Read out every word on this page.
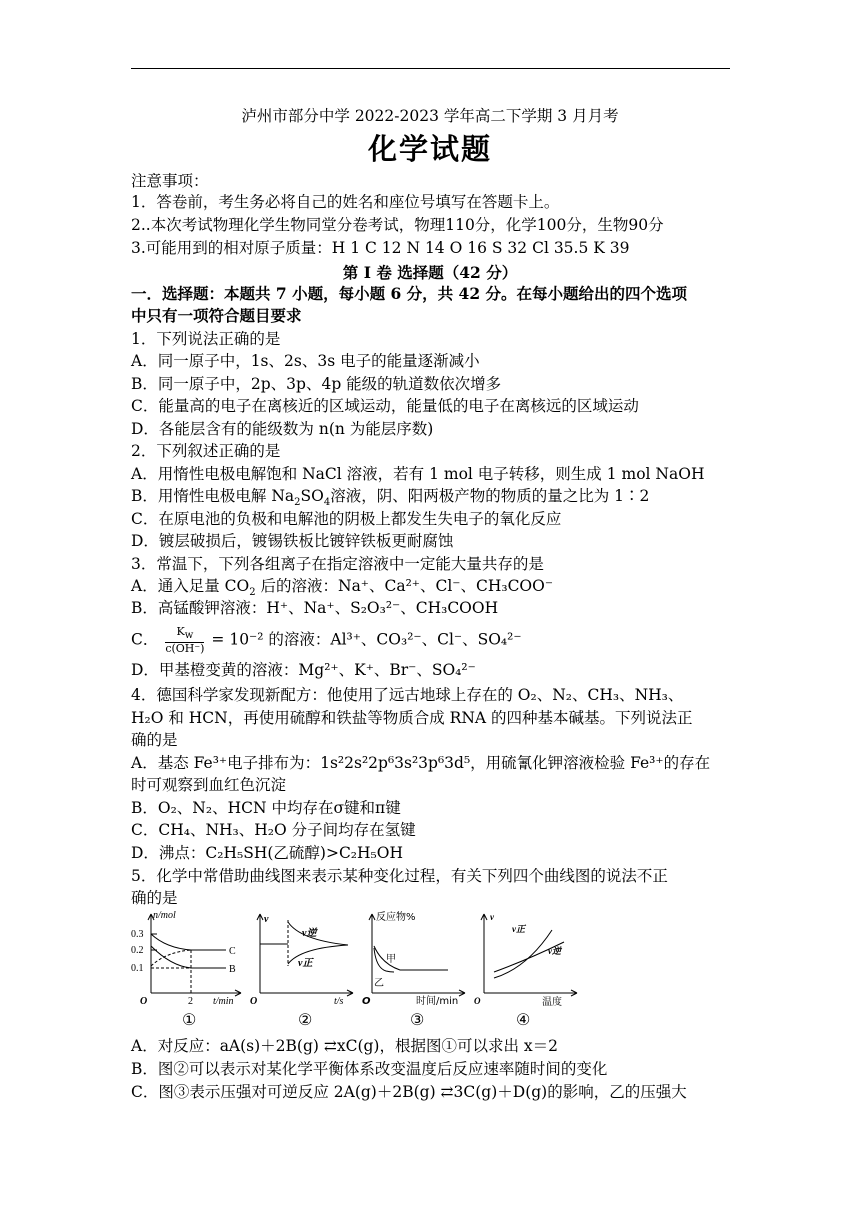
泸州市部分中学 2022-2023 学年高二下学期 3 月月考
化学试题
注意事项：
1．答卷前，考生务必将自己的姓名和座位号填写在答题卡上。
2..本次考试物理化学生物同堂分卷考试，物理110分，化学100分，生物90分
3.可能用到的相对原子质量：H 1 C 12 N 14 O 16 S 32 Cl 35.5 K 39
第 I 卷 选择题（42 分）
一．选择题：本题共 7 小题，每小题 6 分，共 42 分。在每小题给出的四个选项
中只有一项符合题目要求
1．下列说法正确的是
A．同一原子中，1s、2s、3s 电子的能量逐渐减小
B．同一原子中，2p、3p、4p 能级的轨道数依次增多
C．能量高的电子在离核近的区域运动，能量低的电子在离核远的区域运动
D．各能层含有的能级数为 n(n 为能层序数)
2．下列叙述正确的是
A．用惰性电极电解饱和 NaCl 溶液，若有 1 mol 电子转移，则生成 1 mol NaOH
B．用惰性电极电解 $Na_2SO_4$溶液，阴、阳两极产物的物质的量之比为 1∶2
C．在原电池的负极和电解池的阴极上都发生失电子的氧化反应
D．镀层破损后，镀锡铁板比镀锌铁板更耐腐蚀
3．常温下，下列各组离子在指定溶液中一定能大量共存的是
A．通入足量 $CO_2$ 后的溶液：Na⁺、Ca²⁺、Cl⁻、CH₃COO⁻
B．高锰酸钾溶液：H⁺、Na⁺、S₂O₃²⁻、CH₃COOH
C． $\frac{K_w}{c(OH^-)} = 10^{-2}$ 的溶液：Al³⁺、CO₃²⁻、Cl⁻、SO₄²⁻
D．甲基橙变黄的溶液：Mg²⁺、K⁺、Br⁻、SO₄²⁻
4．德国科学家发现新配方：他使用了远古地球上存在的 O₂、N₂、CH₃、NH₃、
H₂O 和 HCN，再使用硫醇和铁盐等物质合成 RNA 的四种基本碱基。下列说法正
确的是
A．基态 Fe³⁺电子排布为：1s²2s²2p⁶3s²3p⁶3d⁵，用硫氰化钾溶液检验 Fe³⁺的存在
时可观察到血红色沉淀
B．O₂、N₂、HCN 中均存在σ键和π键
C．CH₄、NH₃、H₂O 分子间均存在氢键
D．沸点：C₂H₅SH(乙硫醇)>C₂H₅OH
5．化学中常借助曲线图来表示某种变化过程，有关下列四个曲线图的说法不正
确的是
n/mol
0.3
0.2
0.1
O	2 t/min
C
B
v
O	t/s
v逆
v正
反应物%
O	时间/min
甲
乙
v
O
v正
v逆
温度
①	②	③	④
A．对反应：aA(s)＋2B(g) ⇄xC(g)，根据图①可以求出 x＝2
B．图②可以表示对某化学平衡体系改变温度后反应速率随时间的变化
C．图③表示压强对可逆反应 2A(g)＋2B(g) ⇄3C(g)＋D(g)的影响，乙的压强大
